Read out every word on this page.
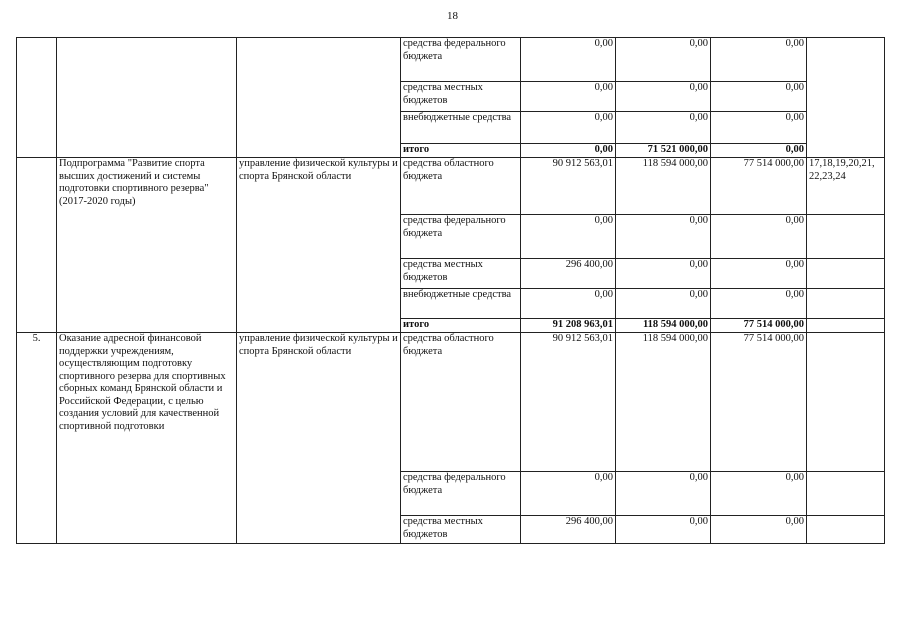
18
			средства федерального бюджета	0,00	0,00	0,00	
			средства местных бюджетов	0,00	0,00	0,00	
			внебюджетные средства	0,00	0,00	0,00	
			итого	0,00	71 521 000,00	0,00	
	Подпрограмма "Развитие спорта высших достижений и системы подготовки спортивного резерва" (2017-2020 годы)	управление физической культуры и спорта Брянской области	средства областного бюджета	90 912 563,01	118 594 000,00	77 514 000,00	17,18,19,20,21, 22,23,24
			средства федерального бюджета	0,00	0,00	0,00	
			средства местных бюджетов	296 400,00	0,00	0,00	
			внебюджетные средства	0,00	0,00	0,00	
			итого	91 208 963,01	118 594 000,00	77 514 000,00	
5.	Оказание адресной финансовой поддержки учреждениям, осуществляющим подготовку спортивного резерва для спортивных сборных команд Брянской области и Российской Федерации, с целью создания условий для качественной спортивной подготовки	управление физической культуры и спорта Брянской области	средства областного бюджета	90 912 563,01	118 594 000,00	77 514 000,00	
			средства федерального бюджета	0,00	0,00	0,00	
			средства местных бюджетов	296 400,00	0,00	0,00	
